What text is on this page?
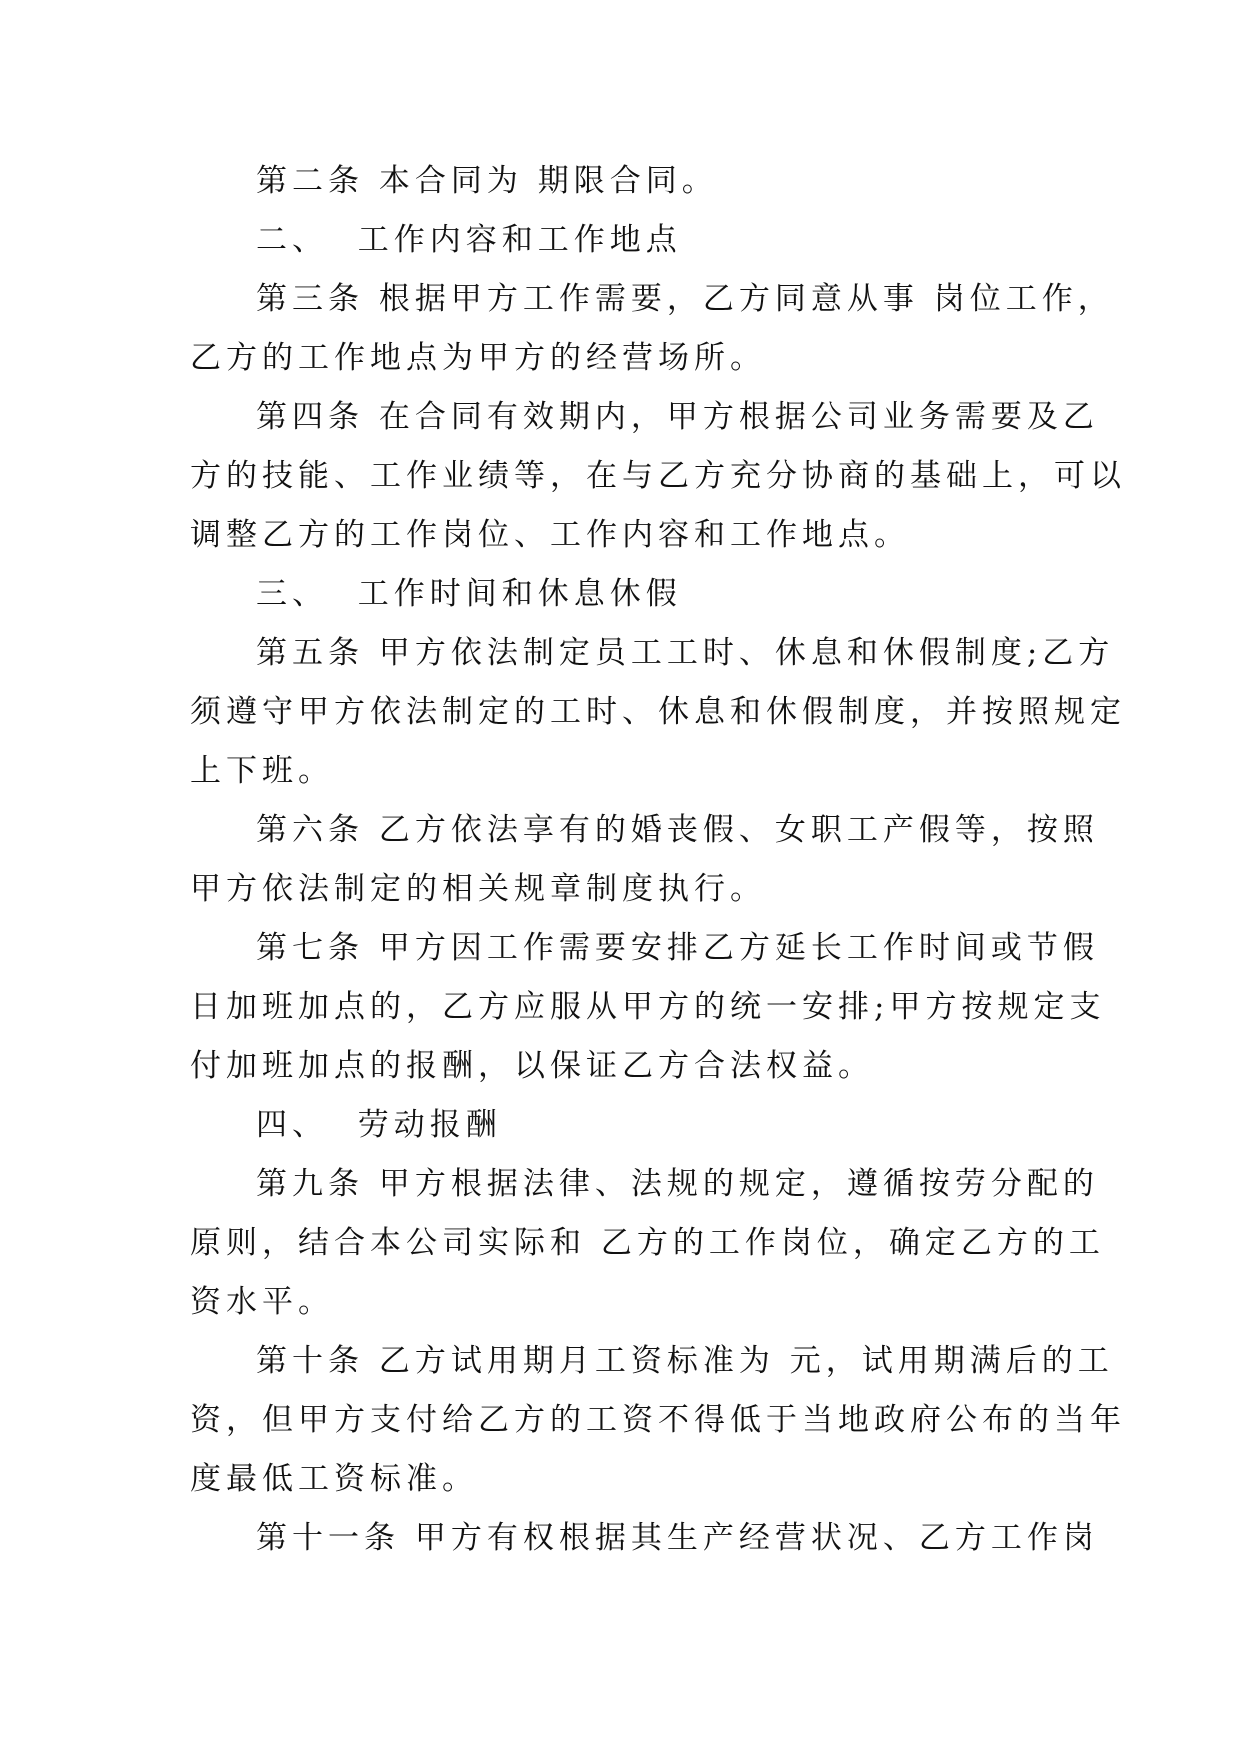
第二条 本合同为 期限合同。
二、  工作内容和工作地点
第三条 根据甲方工作需要，乙方同意从事 岗位工作，
乙方的工作地点为甲方的经营场所。
第四条 在合同有效期内，甲方根据公司业务需要及乙
方的技能、工作业绩等，在与乙方充分协商的基础上，可以
调整乙方的工作岗位、工作内容和工作地点。
三、  工作时间和休息休假
第五条 甲方依法制定员工工时、休息和休假制度;乙方
须遵守甲方依法制定的工时、休息和休假制度，并按照规定
上下班。
第六条 乙方依法享有的婚丧假、女职工产假等，按照
甲方依法制定的相关规章制度执行。
第七条 甲方因工作需要安排乙方延长工作时间或节假
日加班加点的，乙方应服从甲方的统一安排;甲方按规定支
付加班加点的报酬，以保证乙方合法权益。
四、  劳动报酬
第九条 甲方根据法律、法规的规定，遵循按劳分配的
原则，结合本公司实际和 乙方的工作岗位，确定乙方的工
资水平。
第十条 乙方试用期月工资标准为 元，试用期满后的工
资，但甲方支付给乙方的工资不得低于当地政府公布的当年
度最低工资标准。
第十一条 甲方有权根据其生产经营状况、乙方工作岗
